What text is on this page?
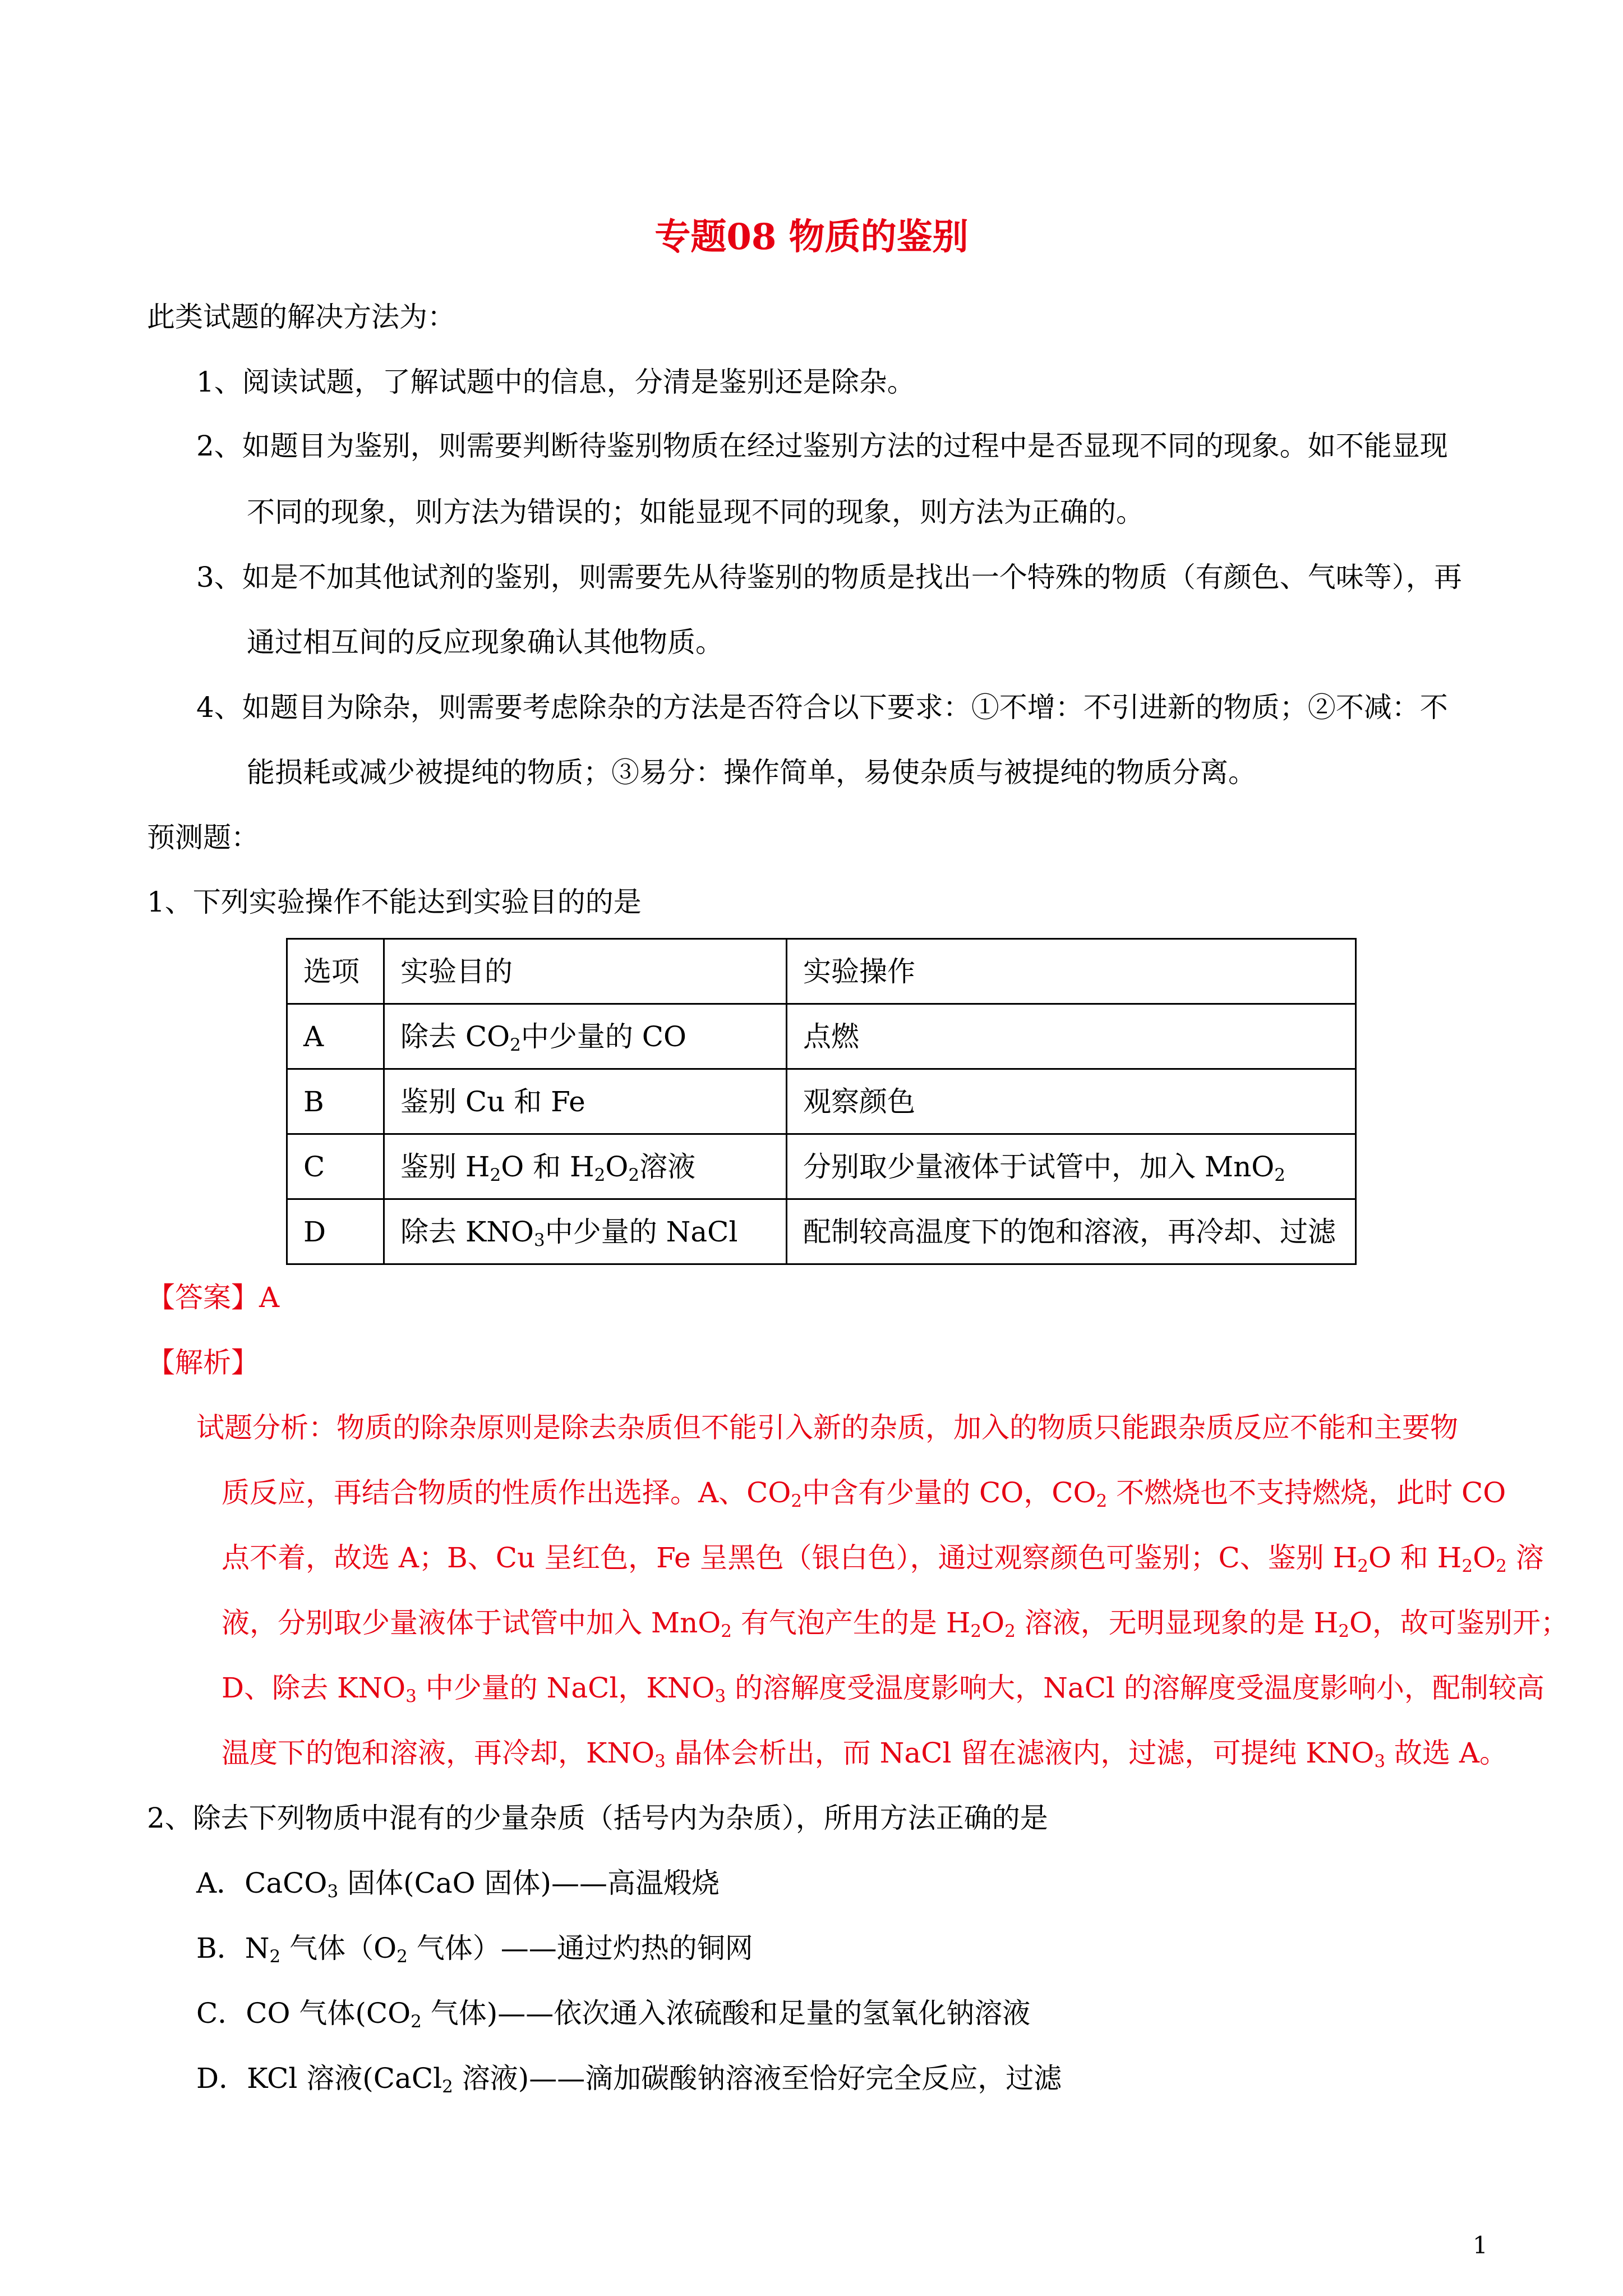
专题08 物质的鉴别
此类试题的解决方法为：
1、阅读试题，了解试题中的信息，分清是鉴别还是除杂。
2、如题目为鉴别，则需要判断待鉴别物质在经过鉴别方法的过程中是否显现不同的现象。如不能显现
不同的现象，则方法为错误的；如能显现不同的现象，则方法为正确的。
3、如是不加其他试剂的鉴别，则需要先从待鉴别的物质是找出一个特殊的物质（有颜色、气味等），再
通过相互间的反应现象确认其他物质。
4、如题目为除杂，则需要考虑除杂的方法是否符合以下要求：①不增：不引进新的物质；②不减：不
能损耗或减少被提纯的物质；③易分：操作简单，易使杂质与被提纯的物质分离。
预测题：
1、下列实验操作不能达到实验目的的是
选项	实验目的	实验操作
A	除去 $CO_2$中少量的 CO	点燃
B	鉴别 Cu 和 Fe	观察颜色
C	鉴别 $H_2O$ 和 $H_2O_2$溶液	分别取少量液体于试管中，加入 MnO$_2$
D	除去 $KNO_3$中少量的 NaCl	配制较高温度下的饱和溶液，再冷却、过滤
【答案】A
【解析】
试题分析：物质的除杂原则是除去杂质但不能引入新的杂质，加入的物质只能跟杂质反应不能和主要物
质反应，再结合物质的性质作出选择。A、$CO_2$中含有少量的 CO，$CO_2$ 不燃烧也不支持燃烧，此时 CO
点不着，故选 A；B、Cu 呈红色，Fe 呈黑色（银白色），通过观察颜色可鉴别；C、鉴别 $H_2O$ 和 $H_2O_2$ 溶
液，分别取少量液体于试管中加入 MnO$_2$ 有气泡产生的是 $H_2O_2$ 溶液，无明显现象的是 $H_2O$，故可鉴别开；
D、除去 $KNO_3$ 中少量的 NaCl，$KNO_3$ 的溶解度受温度影响大，NaCl 的溶解度受温度影响小，配制较高
温度下的饱和溶液，再冷却，$KNO_3$ 晶体会析出，而 NaCl 留在滤液内，过滤，可提纯 $KNO_3$ 故选 A。
2、除去下列物质中混有的少量杂质（括号内为杂质），所用方法正确的是
A．CaCO$_3$ 固体(CaO 固体)——高温煅烧
B．$N_2$ 气体（$O_2$ 气体）——通过灼热的铜网
C．CO 气体($CO_2$ 气体)——依次通入浓硫酸和足量的氢氧化钠溶液
D．KCl 溶液(CaCl$_2$ 溶液)——滴加碳酸钠溶液至恰好完全反应，过滤
1
